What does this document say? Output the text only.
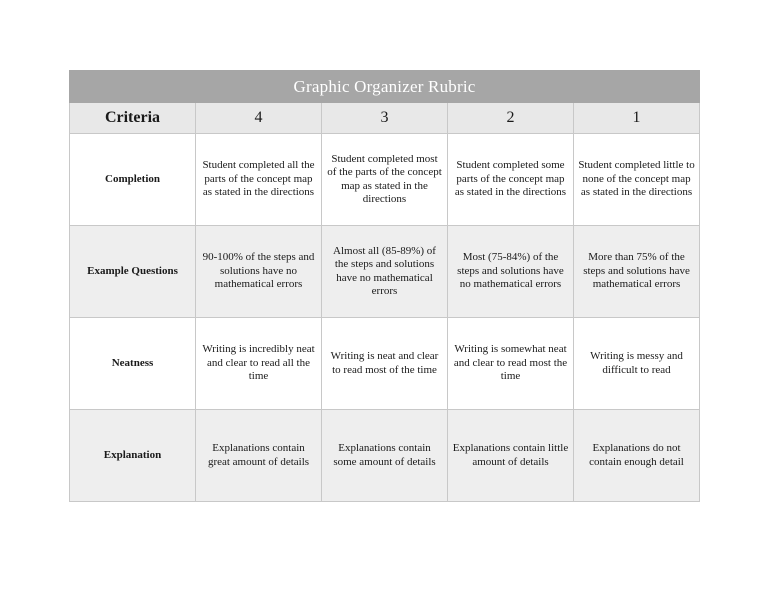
Graphic Organizer Rubric				
Criteria	4	3	2	1
Completion	Student completed all the parts of the concept map as stated in the directions	Student completed most of the parts of the concept map as stated in the directions	Student completed some parts of the concept map as stated in the directions	Student completed little to none of the concept map as stated in the directions
Example Questions	90-100% of the steps and solutions have no mathematical errors	Almost all (85-89%) of the steps and solutions have no mathematical errors	Most (75-84%) of the steps and solutions have no mathematical errors	More than 75% of the steps and solutions have mathematical errors
Neatness	Writing is incredibly neat and clear to read all the time	Writing is neat and clear to read most of the time	Writing is somewhat neat and clear to read most the time	Writing is messy and difficult to read
Explanation	Explanations contain great amount of details	Explanations contain some amount of details	Explanations contain little amount of details	Explanations do not contain enough detail
